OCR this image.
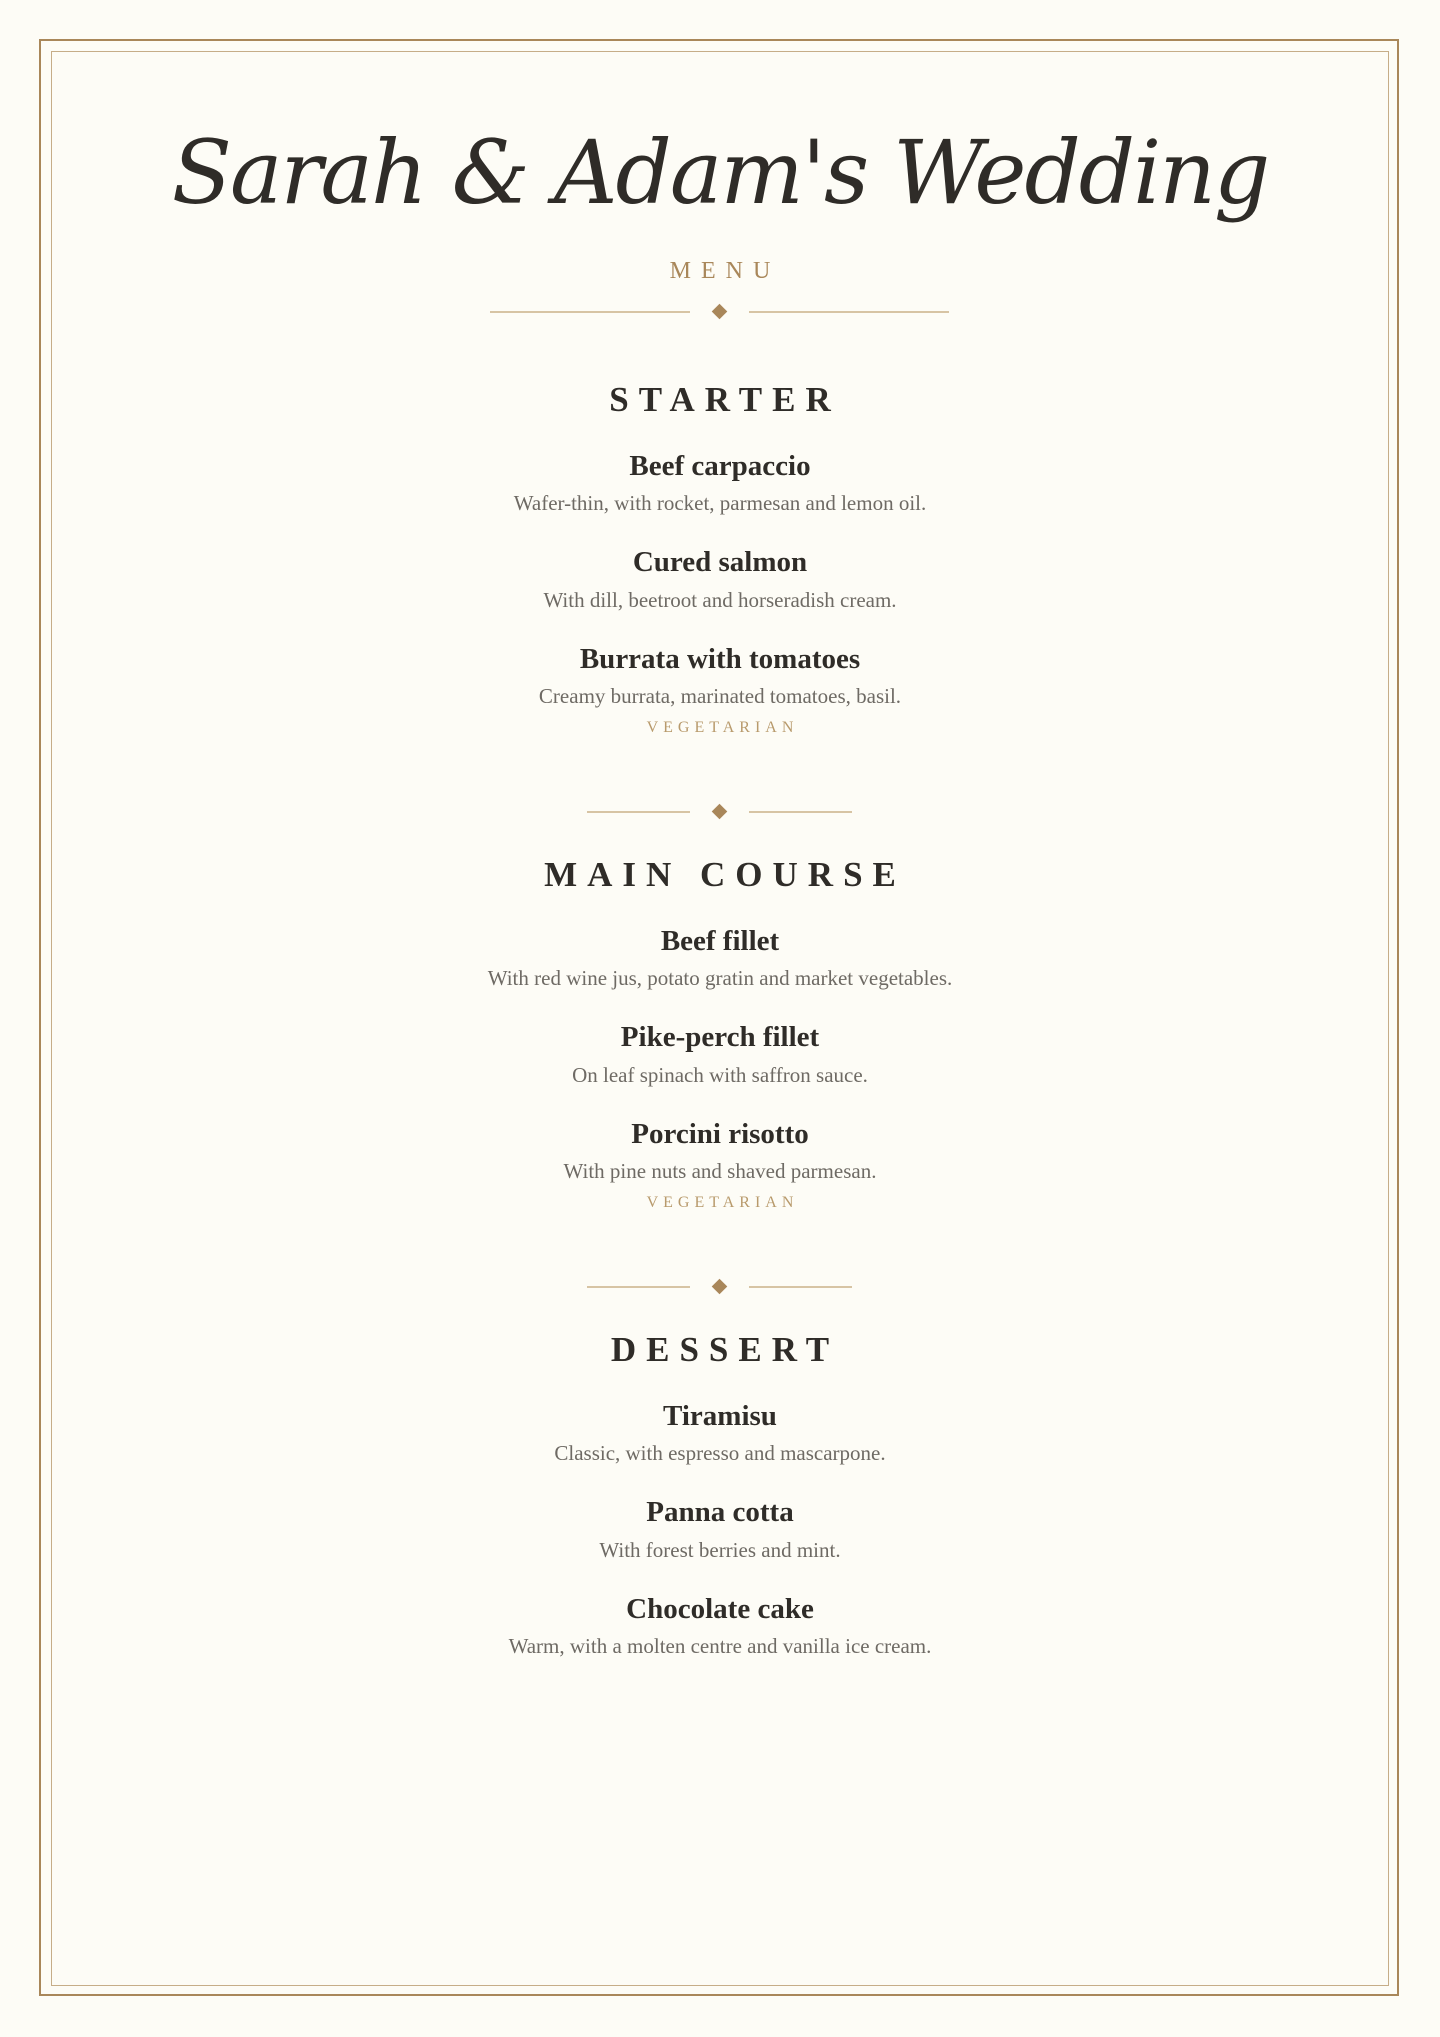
Sarah & Adam's Wedding
MENU
STARTER
Beef carpaccio
Wafer-thin, with rocket, parmesan and lemon oil.
Cured salmon
With dill, beetroot and horseradish cream.
Burrata with tomatoes
Creamy burrata, marinated tomatoes, basil.
VEGETARIAN
MAIN COURSE
Beef fillet
With red wine jus, potato gratin and market vegetables.
Pike-perch fillet
On leaf spinach with saffron sauce.
Porcini risotto
With pine nuts and shaved parmesan.
VEGETARIAN
DESSERT
Tiramisu
Classic, with espresso and mascarpone.
Panna cotta
With forest berries and mint.
Chocolate cake
Warm, with a molten centre and vanilla ice cream.
